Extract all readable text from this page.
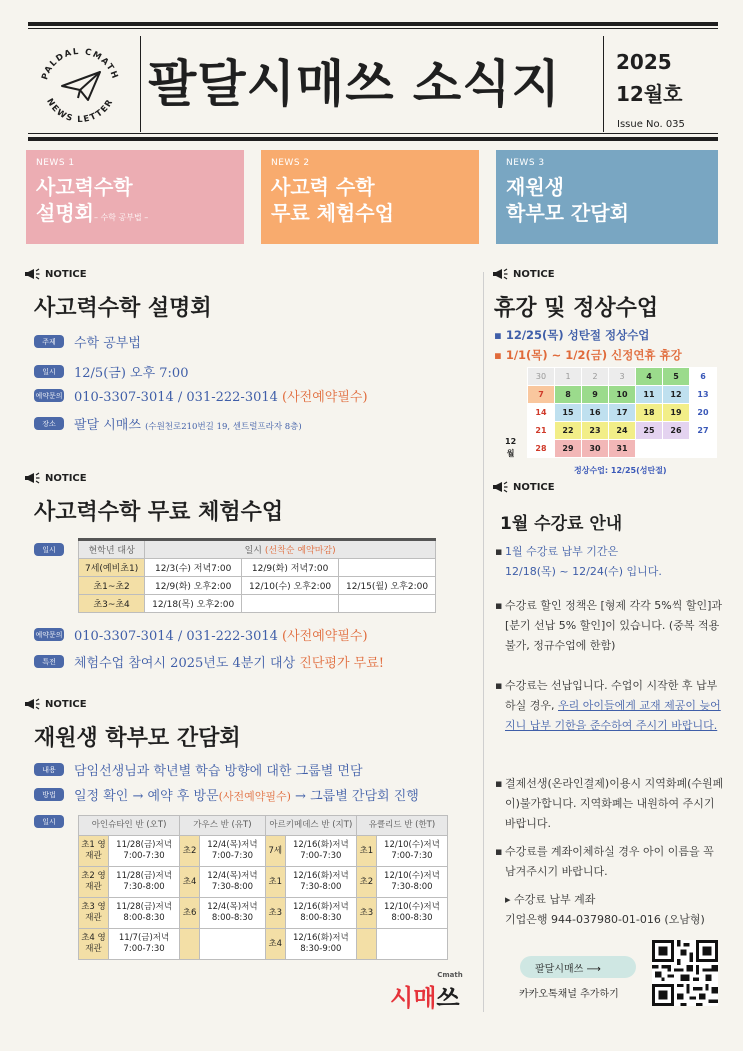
PALDAL CMATH
NEWS LETTER 팔달시매쓰 소식지	2025
12월호
Issue No. 035
NEWS 1
사고력수학
설명회– 수학 공부법 –
NEWS 2
사고력 수학
무료 체험수업
NEWS 3
재원생
학부모 간담회
NOTICE
사고력수학 설명회
주제	수학 공부법
일시	12/5(금) 오후 7:00
예약문의 010-3307-3014 / 031-222-3014 (사전예약필수)
장소	팔달 시매쓰 (수원천로210번길 19, 센트럴프라자 8층)
NOTICE
사고력수학 무료 체험수업
일시	현학년 대상	일시 (선착순 예약마감)		
7세(예비초1)	12/3(수) 저녁7:00	12/9(화) 저녁7:00	
초1~초2	12/9(화) 오후2:00	12/10(수) 오후2:00	12/15(월) 오후2:00
초3~초4	12/18(목) 오후2:00		
예약문의 010-3307-3014 / 031-222-3014 (사전예약필수)
특전	체험수업 참여시 2025년도 4분기 대상 진단평가 무료!
NOTICE
재원생 학부모 간담회
내용	담임선생님과 학년별 학습 방향에 대한 그룹별 면담
방법	일정 확인 → 예약 후 방문(사전예약필수) → 그룹별 간담회 진행
일시	아인슈타인 반 (오T)		가우스 반 (유T)		아르키메데스 반 (지T)		유클리드 반 (한T)	
초1 영재관	11/28(금)저녁 7:00-7:30	초2	12/4(목)저녁 7:00-7:30	7세	12/16(화)저녁 7:00-7:30	초1	12/10(수)저녁 7:00-7:30
초2 영재관	11/28(금)저녁 7:30-8:00	초4	12/4(목)저녁 7:30-8:00	초1	12/16(화)저녁 7:30-8:00	초2	12/10(수)저녁 7:30-8:00
초3 영재관	11/28(금)저녁 8:00-8:30	초6	12/4(목)저녁 8:00-8:30	초3	12/16(화)저녁 8:00-8:30	초3	12/10(수)저녁 8:00-8:30
초4 영재관	11/7(금)저녁 7:00-7:30			초4	12/16(화)저녁 8:30-9:00		
시
Cmath
매 쓰
NOTICE
휴강 및 정상수업
▪ 12/25(목) 성탄절 정상수업
▪ 1/1(목) ~ 1/2(금) 신정연휴 휴강
12
월
30	1	2	3	4	5	6
7	8	9	10	11	12	13
14	15	16	17	18	19	20
21	22	23	24	25	26	27
28	29	30	31			
정상수업: 12/25(성탄절)
NOTICE
1월 수강료 안내
▪ 1월 수강료 납부 기간은
12/18(목) ~ 12/24(수) 입니다.
▪ 수강료 할인 정책은 [형제 각각 5%씩 할인]과 [분기 선납 5% 할인]이 있습니다. (중복 적용 불가, 정규수업에 한함)
▪ 수강료는 선납입니다. 수업이 시작한 후 납부하실 경우, 우리 아이들에게 교재 제공이 늦어지니 납부 기한을 준수하여 주시기 바랍니다.
▪ 결제선생(온라인결제)이용시 지역화폐(수원페이)불가합니다. 지역화폐는 내원하여 주시기 바랍니다.
▪ 수강료를 계좌이체하실 경우 아이 이름을 꼭 남겨주시기 바랍니다.
▸ 수강료 납부 계좌
기업은행 944-037980-01-016 (오남형)
팔달시매쓰 ⟶
카카오톡채널 추가하기
